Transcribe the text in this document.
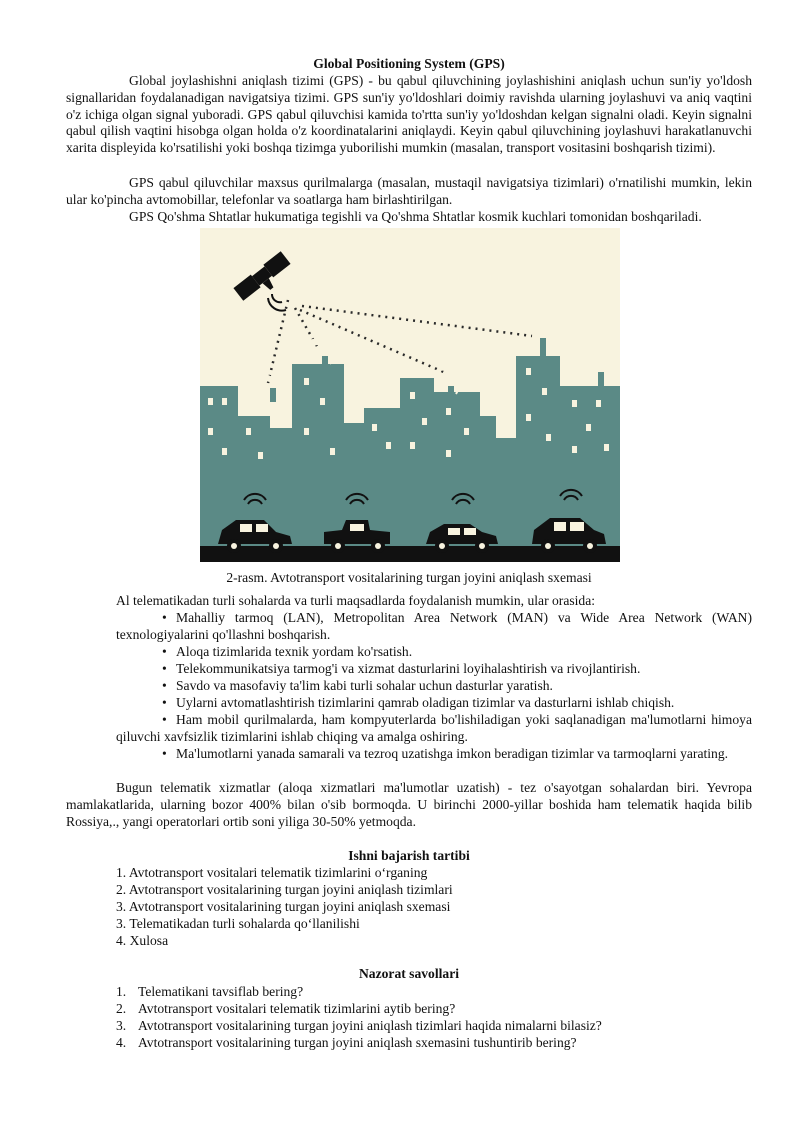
Global Positioning System (GPS)

Global joylashishni aniqlash tizimi (GPS) - bu qabul qiluvchining joylashishini aniqlash uchun sun'iy yo'ldosh signallaridan foydalanadigan navigatsiya tizimi. GPS sun'iy yo'ldoshlari doimiy ravishda ularning joylashuvi va aniq vaqtini o'z ichiga olgan signal yuboradi. GPS qabul qiluvchisi kamida to'rtta sun'iy yo'ldoshdan kelgan signalni oladi. Keyin signalni qabul qilish vaqtini hisobga olgan holda o'z koordinatalarini aniqlaydi. Keyin qabul qiluvchining joylashuvi harakatlanuvchi xarita displeyida ko'rsatilishi yoki boshqa tizimga yuborilishi mumkin (masalan, transport vositasini boshqarish tizimi).

GPS qabul qiluvchilar maxsus qurilmalarga (masalan, mustaqil navigatsiya tizimlari) o'rnatilishi mumkin, lekin ular ko'pincha avtomobillar, telefonlar va soatlarga ham birlashtirilgan.

GPS Qo'shma Shtatlar hukumatiga tegishli va Qo'shma Shtatlar kosmik kuchlari tomonidan boshqariladi.

2-rasm. Avtotransport vositalarining turgan joyini aniqlash sxemasi

Al telematikadan turli sohalarda va turli maqsadlarda foydalanish mumkin, ular orasida:

• Mahalliy tarmoq (LAN), Metropolitan Area Network (MAN) va Wide Area Network (WAN) texnologiyalarini qo'llashni boshqarish.

• Aloqa tizimlarida texnik yordam ko'rsatish.

• Telekommunikatsiya tarmog'i va xizmat dasturlarini loyihalashtirish va rivojlantirish.

• Savdo va masofaviy ta'lim kabi turli sohalar uchun dasturlar yaratish.

• Uylarni avtomatlashtirish tizimlarini qamrab oladigan tizimlar va dasturlarni ishlab chiqish.

• Ham mobil qurilmalarda, ham kompyuterlarda bo'lishiladigan yoki saqlanadigan ma'lumotlarni himoya qiluvchi xavfsizlik tizimlarini ishlab chiqing va amalga oshiring.

• Ma'lumotlarni yanada samarali va tezroq uzatishga imkon beradigan tizimlar va tarmoqlarni yarating.

Bugun telematik xizmatlar (aloqa xizmatlari ma'lumotlar uzatish) - tez o'sayotgan sohalardan biri. Yevropa mamlakatlarida, ularning bozor 400% bilan o'sib bormoqda. U birinchi 2000-yillar boshida ham telematik haqida bilib Rossiya,., yangi operatorlari ortib soni yiliga 30-50% yetmoqda.

Ishni bajarish tartibi

1. Avtotransport vositalari telematik tizimlarini o‘rganing

2. Avtotransport vositalarining turgan joyini aniqlash tizimlari

3. Avtotransport vositalarining turgan joyini aniqlash sxemasi

3. Telematikadan turli sohalarda qo‘llanilishi

4. Xulosa

Nazorat savollari

1. Telematikani tavsiflab bering?

2. Avtotransport vositalari telematik tizimlarini aytib bering?

3. Avtotransport vositalarining turgan joyini aniqlash tizimlari haqida nimalarni bilasiz?

4. Avtotransport vositalarining turgan joyini aniqlash sxemasini tushuntirib bering?
